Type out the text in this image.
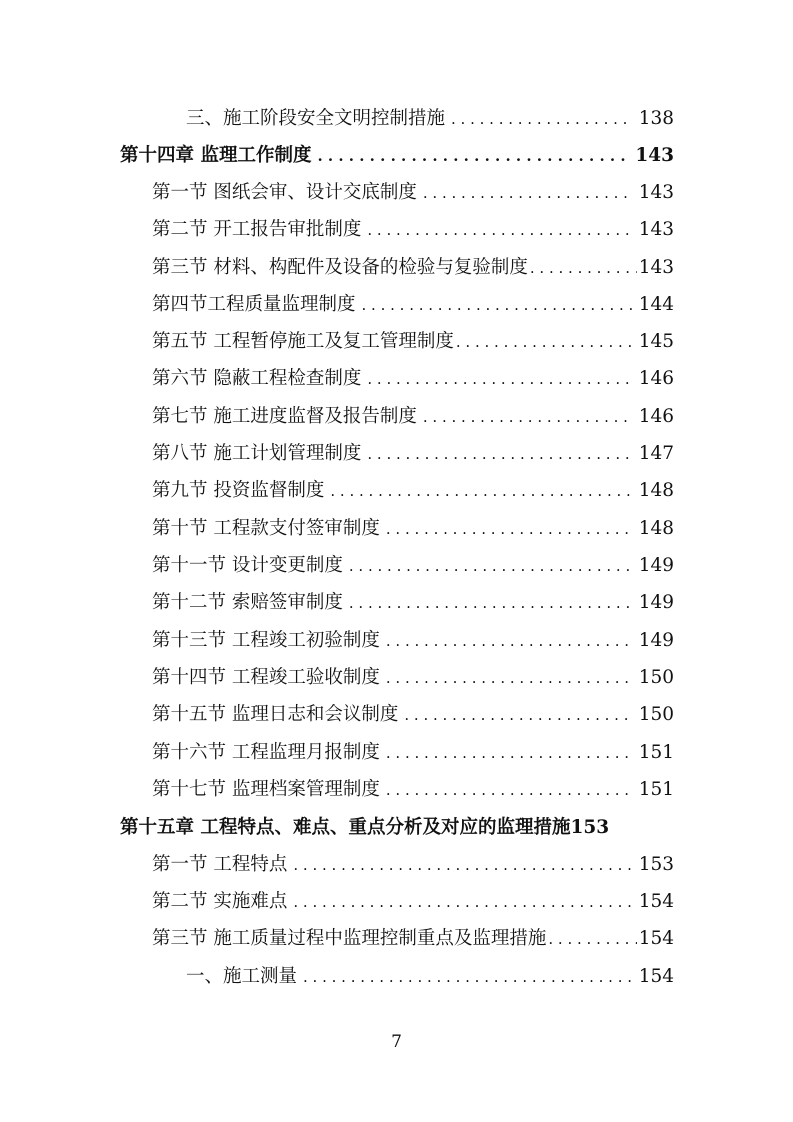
三、施工阶段安全文明控制措施 . . .	138
第十四章 监理工作制度 . . .	143
第一节 图纸会审、设计交底制度 . . .	143
第二节 开工报告审批制度 . . .	143
第三节 材料、构配件及设备的检验与复验制度 . . .	143
第四节工程质量监理制度 . . .	144
第五节 工程暂停施工及复工管理制度 . . .	145
第六节 隐蔽工程检查制度 . . .	146
第七节 施工进度监督及报告制度 . . .	146
第八节 施工计划管理制度 . . .	147
第九节 投资监督制度 . . .	148
第十节 工程款支付签审制度 . . .	148
第十一节 设计变更制度 . . .	149
第十二节 索赔签审制度 . . .	149
第十三节 工程竣工初验制度 . . .	149
第十四节 工程竣工验收制度 . . .	150
第十五节 监理日志和会议制度 . . .	150
第十六节 工程监理月报制度 . . .	151
第十七节 监理档案管理制度 . . .	151
第十五章 工程特点、难点、重点分析及对应的监理措施 153
第一节 工程特点 . . .	153
第二节 实施难点 . . .	154
第三节 施工质量过程中监理控制重点及监理措施 . . .	154
一、施工测量 . . .	154
7
